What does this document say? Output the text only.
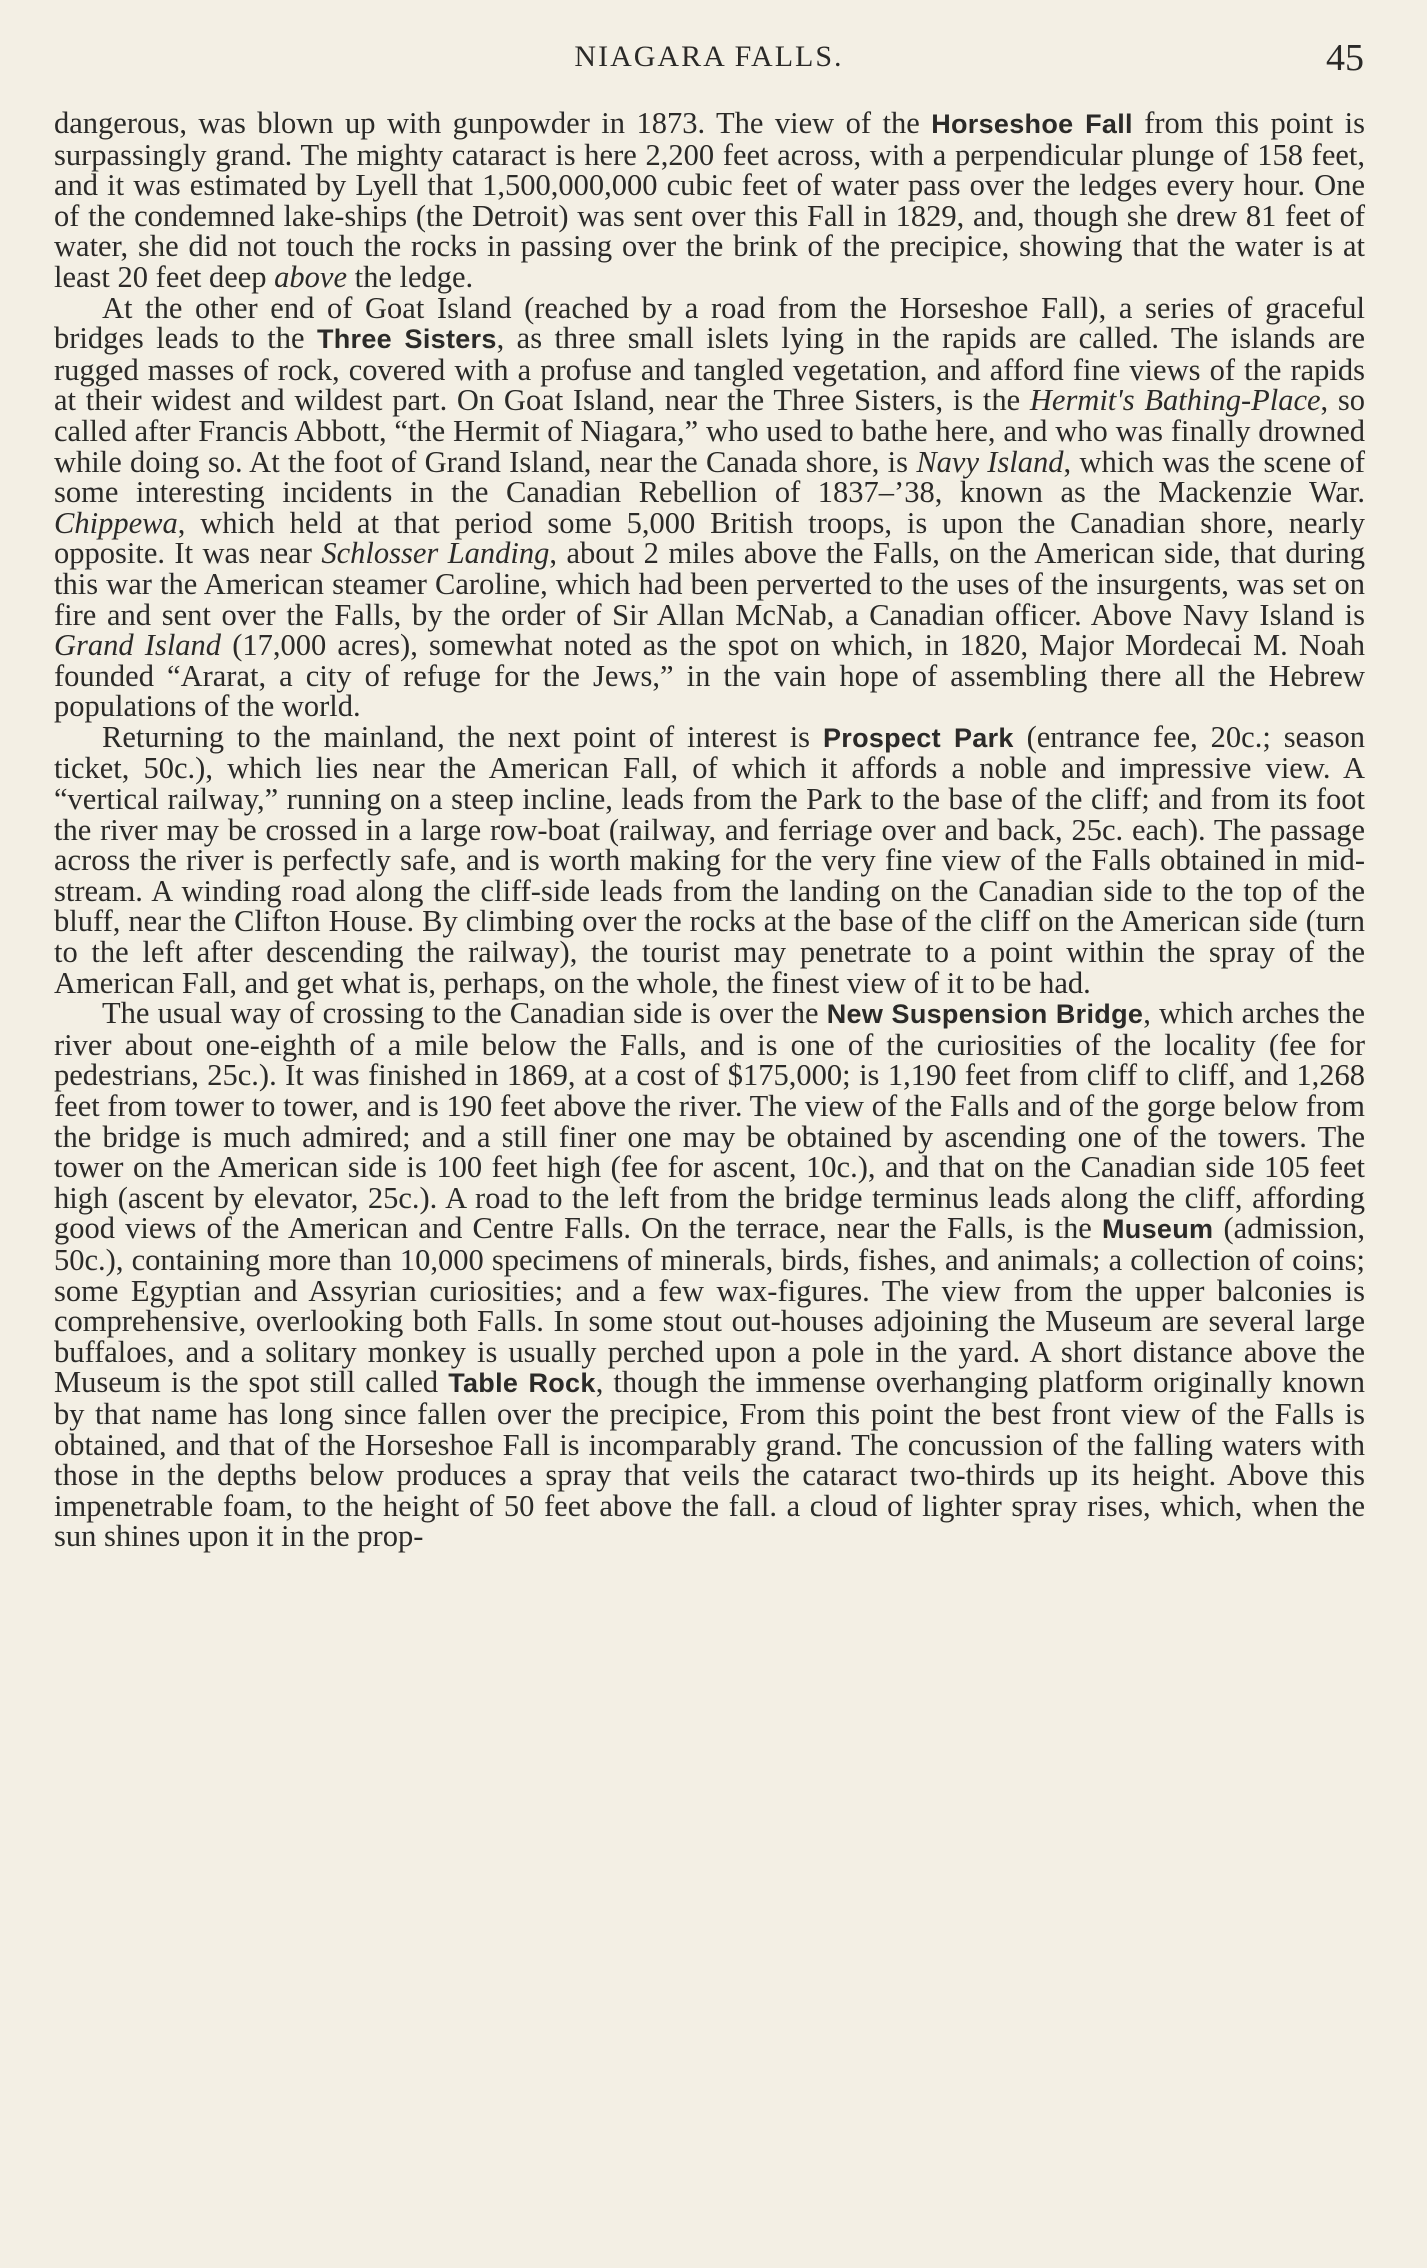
NIAGARA FALLS.	45

dangerous, was blown up with gunpowder in 1873. The view of the Horseshoe Fall from this point is surpassingly grand. The mighty cataract is here 2,200 feet across, with a perpendicular plunge of 158 feet, and it was estimated by Lyell that 1,500,000,000 cubic feet of water pass over the ledges every hour. One of the condemned lake-ships (the Detroit) was sent over this Fall in 1829, and, though she drew 81 feet of water, she did not touch the rocks in passing over the brink of the precipice, showing that the water is at least 20 feet deep above the ledge.

At the other end of Goat Island (reached by a road from the Horseshoe Fall), a series of graceful bridges leads to the Three Sisters, as three small islets lying in the rapids are called. The islands are rugged masses of rock, covered with a profuse and tangled vegetation, and afford fine views of the rapids at their widest and wildest part. On Goat Island, near the Three Sisters, is the Hermit's Bathing-Place, so called after Francis Abbott, “the Hermit of Niagara,” who used to bathe here, and who was finally drowned while doing so. At the foot of Grand Island, near the Canada shore, is Navy Island, which was the scene of some interesting incidents in the Canadian Rebellion of 1837–’38, known as the Mackenzie War. Chippewa, which held at that period some 5,000 British troops, is upon the Canadian shore, nearly opposite. It was near Schlosser Landing, about 2 miles above the Falls, on the American side, that during this war the American steamer Caroline, which had been perverted to the uses of the insurgents, was set on fire and sent over the Falls, by the order of Sir Allan McNab, a Canadian officer. Above Navy Island is Grand Island (17,000 acres), somewhat noted as the spot on which, in 1820, Major Mordecai M. Noah founded “Ararat, a city of refuge for the Jews,” in the vain hope of assembling there all the Hebrew populations of the world.

Returning to the mainland, the next point of interest is Prospect Park (entrance fee, 20c.; season ticket, 50c.), which lies near the American Fall, of which it affords a noble and impressive view. A “vertical railway,” running on a steep incline, leads from the Park to the base of the cliff; and from its foot the river may be crossed in a large row-boat (railway, and ferriage over and back, 25c. each). The passage across the river is perfectly safe, and is worth making for the very fine view of the Falls obtained in mid-stream. A winding road along the cliff-side leads from the landing on the Canadian side to the top of the bluff, near the Clifton House. By climbing over the rocks at the base of the cliff on the American side (turn to the left after descending the railway), the tourist may penetrate to a point within the spray of the American Fall, and get what is, perhaps, on the whole, the finest view of it to be had.

The usual way of crossing to the Canadian side is over the New Suspension Bridge, which arches the river about one-eighth of a mile below the Falls, and is one of the curiosities of the locality (fee for pedestrians, 25c.). It was finished in 1869, at a cost of $175,000; is 1,190 feet from cliff to cliff, and 1,268 feet from tower to tower, and is 190 feet above the river. The view of the Falls and of the gorge below from the bridge is much admired; and a still finer one may be obtained by ascending one of the towers. The tower on the American side is 100 feet high (fee for ascent, 10c.), and that on the Canadian side 105 feet high (ascent by elevator, 25c.). A road to the left from the bridge terminus leads along the cliff, affording good views of the American and Centre Falls. On the terrace, near the Falls, is the Museum (admission, 50c.), containing more than 10,000 specimens of minerals, birds, fishes, and animals; a collection of coins; some Egyptian and Assyrian curiosities; and a few wax-figures. The view from the upper balconies is comprehensive, overlooking both Falls. In some stout out-houses adjoining the Museum are several large buffaloes, and a solitary monkey is usually perched upon a pole in the yard. A short distance above the Museum is the spot still called Table Rock, though the immense overhanging platform originally known by that name has long since fallen over the precipice, From this point the best front view of the Falls is obtained, and that of the Horseshoe Fall is incomparably grand. The concussion of the falling waters with those in the depths below produces a spray that veils the cataract two-thirds up its height. Above this impenetrable foam, to the height of 50 feet above the fall. a cloud of lighter spray rises, which, when the sun shines upon it in the prop-
